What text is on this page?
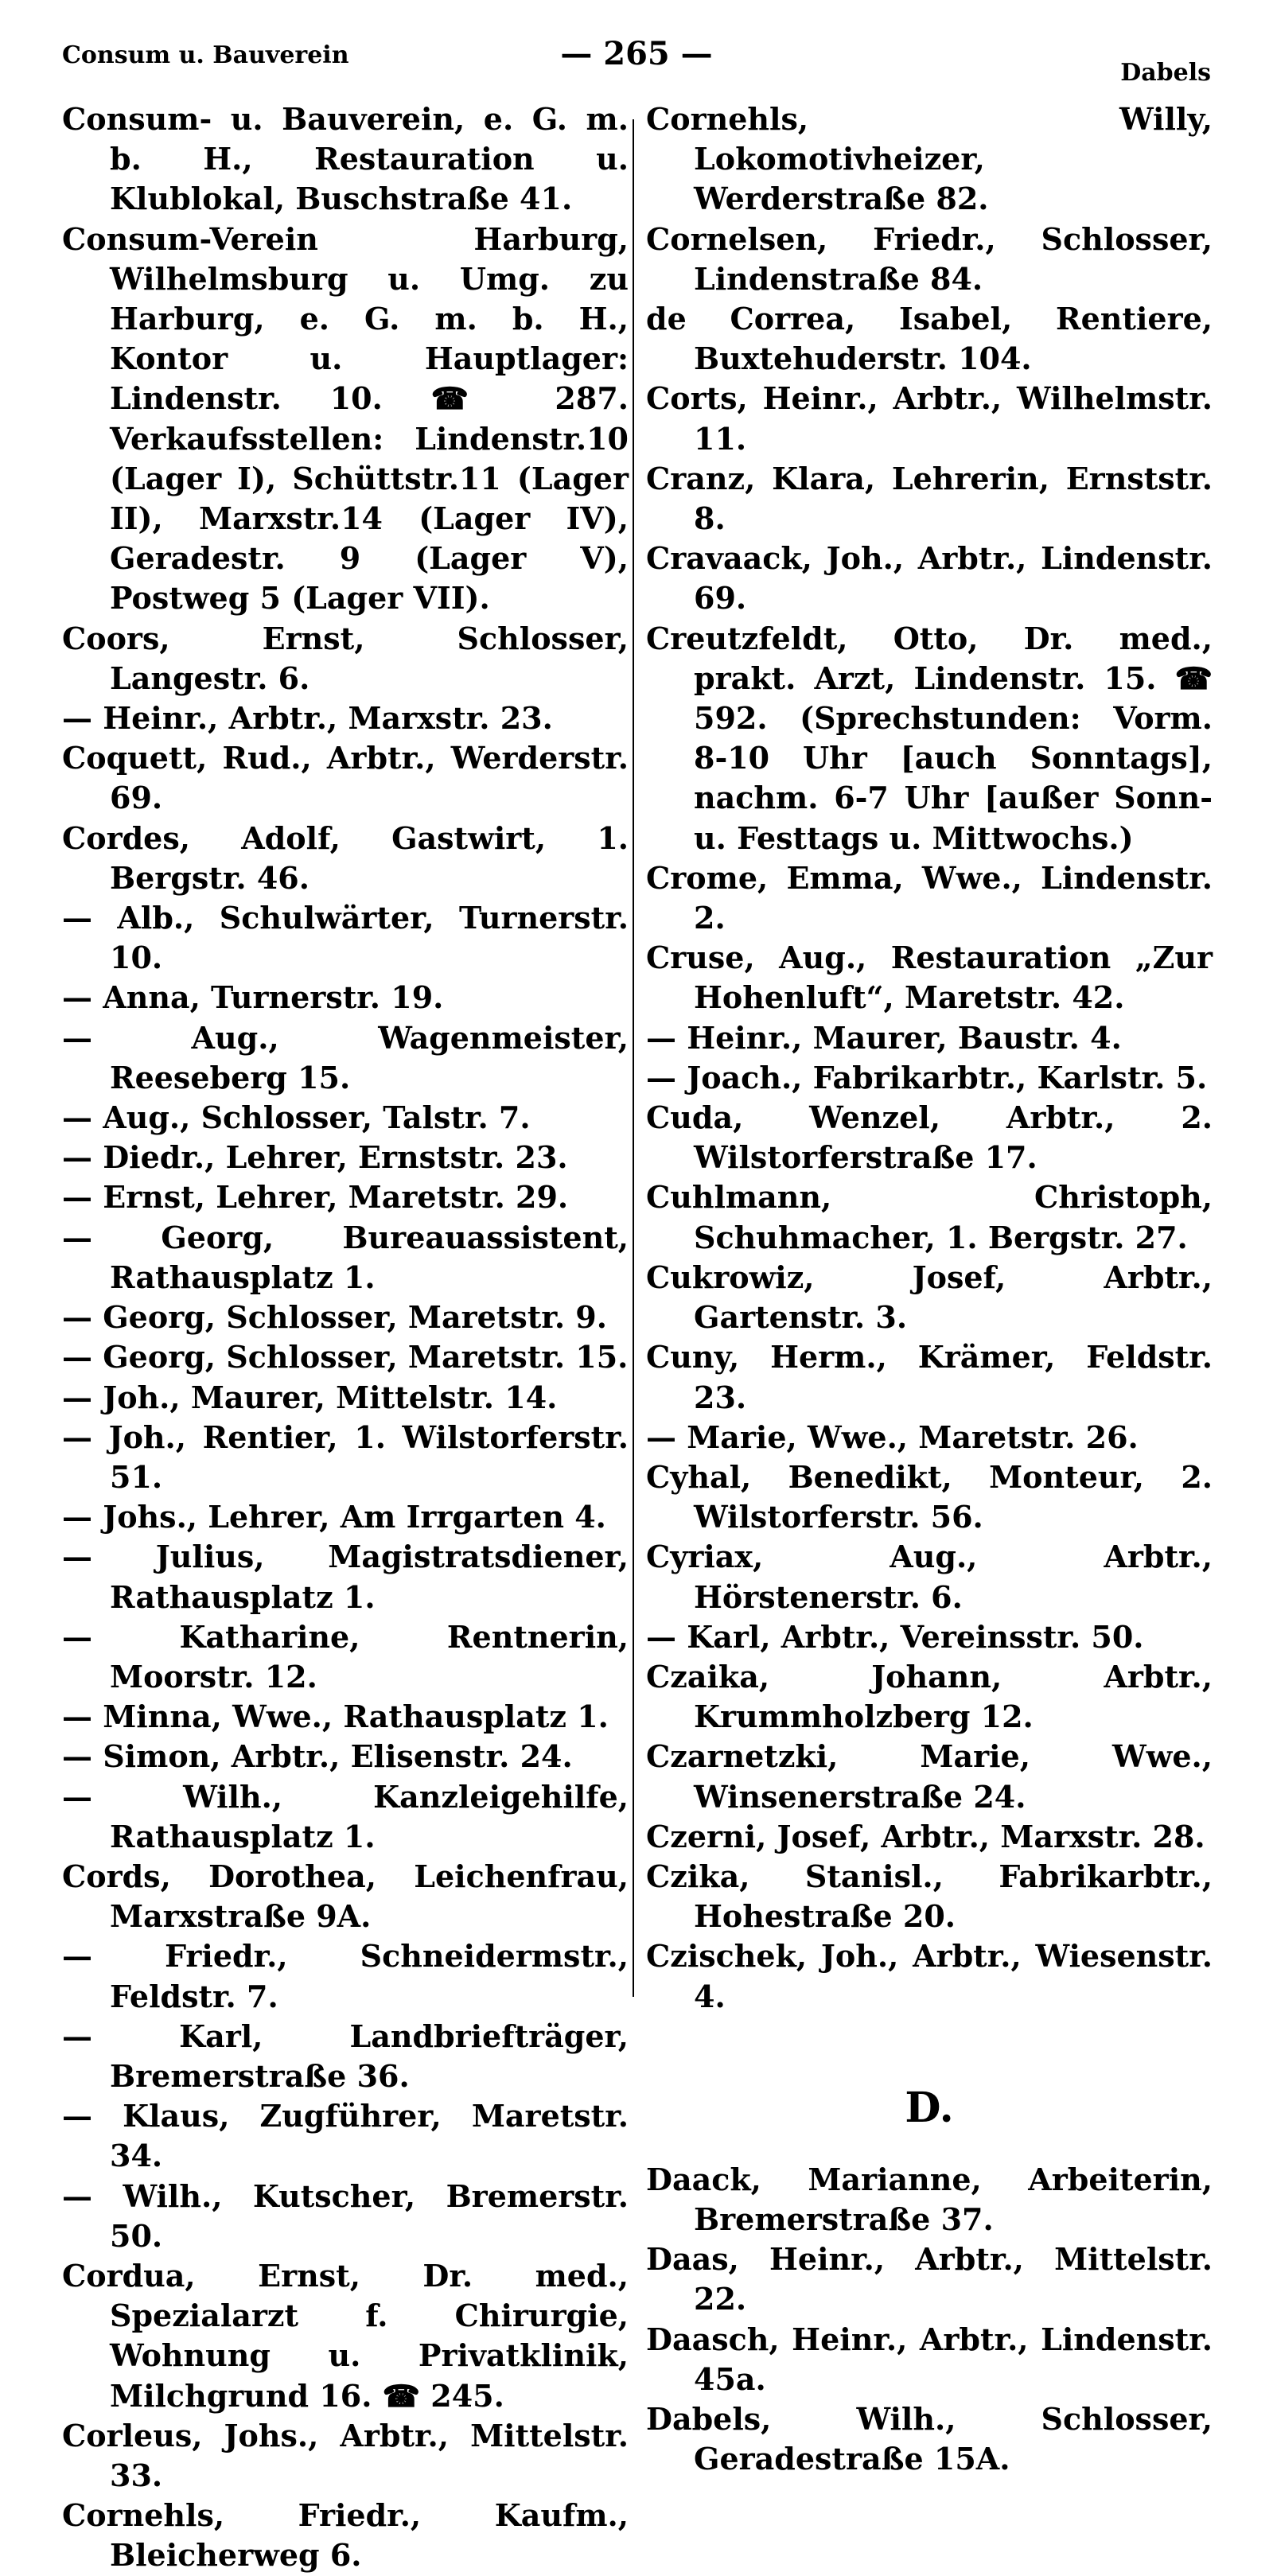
Consum u. Bauverein	— 265 —
Dabels

Consum- u. Bauverein, e. G. m. b. H., Restauration u. Klublokal, Buschstraße 41.

Consum-Verein Harburg, Wilhelmsburg u. Umg. zu Harburg, e. G. m. b. H., Kontor u. Hauptlager: Lindenstr. 10. ☎ 287. Verkaufsstellen: Lindenstr.10 (Lager I), Schüttstr.11 (Lager II), Marxstr.14 (Lager IV), Geradestr. 9 (Lager V), Postweg 5 (Lager VII).

Coors, Ernst, Schlosser, Langestr. 6.

— Heinr., Arbtr., Marxstr. 23.

Coquett, Rud., Arbtr., Werderstr. 69.

Cordes, Adolf, Gastwirt, 1. Bergstr. 46.

— Alb., Schulwärter, Turnerstr. 10.

— Anna, Turnerstr. 19.

— Aug., Wagenmeister, Reeseberg 15.

— Aug., Schlosser, Talstr. 7.

— Diedr., Lehrer, Ernststr. 23.

— Ernst, Lehrer, Maretstr. 29.

— Georg, Bureauassistent, Rathausplatz 1.

— Georg, Schlosser, Maretstr. 9.

— Georg, Schlosser, Maretstr. 15.

— Joh., Maurer, Mittelstr. 14.

— Joh., Rentier, 1. Wilstorferstr. 51.

— Johs., Lehrer, Am Irrgarten 4.

— Julius, Magistratsdiener, Rathausplatz 1.

— Katharine, Rentnerin, Moorstr. 12.

— Minna, Wwe., Rathausplatz 1.

— Simon, Arbtr., Elisenstr. 24.

— Wilh., Kanzleigehilfe, Rathausplatz 1.

Cords, Dorothea, Leichenfrau, Marxstraße 9A.

— Friedr., Schneidermstr., Feldstr. 7.

— Karl, Landbriefträger, Bremerstraße 36.

— Klaus, Zugführer, Maretstr. 34.

— Wilh., Kutscher, Bremerstr. 50.

Cordua, Ernst, Dr. med., Spezialarzt f. Chirurgie, Wohnung u. Privatklinik, Milchgrund 16. ☎ 245.

Corleus, Johs., Arbtr., Mittelstr. 33.

Cornehls, Friedr., Kaufm., Bleicherweg 6.

Cornehls, Willy, Lokomotivheizer, Werderstraße 82.

Cornelsen, Friedr., Schlosser, Lindenstraße 84.

de Correa, Isabel, Rentiere, Buxtehuderstr. 104.

Corts, Heinr., Arbtr., Wilhelmstr. 11.

Cranz, Klara, Lehrerin, Ernststr. 8.

Cravaack, Joh., Arbtr., Lindenstr. 69.

Creutzfeldt, Otto, Dr. med., prakt. Arzt, Lindenstr. 15. ☎ 592. (Sprechstunden: Vorm. 8-10 Uhr [auch Sonntags], nachm. 6-7 Uhr [außer Sonn- u. Festtags u. Mittwochs.)

Crome, Emma, Wwe., Lindenstr. 2.

Cruse, Aug., Restauration „Zur Hohenluft“, Maretstr. 42.

— Heinr., Maurer, Baustr. 4.

— Joach., Fabrikarbtr., Karlstr. 5.

Cuda, Wenzel, Arbtr., 2. Wilstorferstraße 17.

Cuhlmann, Christoph, Schuhmacher, 1. Bergstr. 27.

Cukrowiz, Josef, Arbtr., Gartenstr. 3.

Cuny, Herm., Krämer, Feldstr. 23.

— Marie, Wwe., Maretstr. 26.

Cyhal, Benedikt, Monteur, 2. Wilstorferstr. 56.

Cyriax, Aug., Arbtr., Hörstenerstr. 6.

— Karl, Arbtr., Vereinsstr. 50.

Czaika, Johann, Arbtr., Krummholzberg 12.

Czarnetzki, Marie, Wwe., Winsenerstraße 24.

Czerni, Josef, Arbtr., Marxstr. 28.

Czika, Stanisl., Fabrikarbtr., Hohestraße 20.

Czischek, Joh., Arbtr., Wiesenstr. 4.

D.

Daack, Marianne, Arbeiterin, Bremerstraße 37.

Daas, Heinr., Arbtr., Mittelstr. 22.

Daasch, Heinr., Arbtr., Lindenstr. 45a.

Dabels, Wilh., Schlosser, Geradestraße 15A.
